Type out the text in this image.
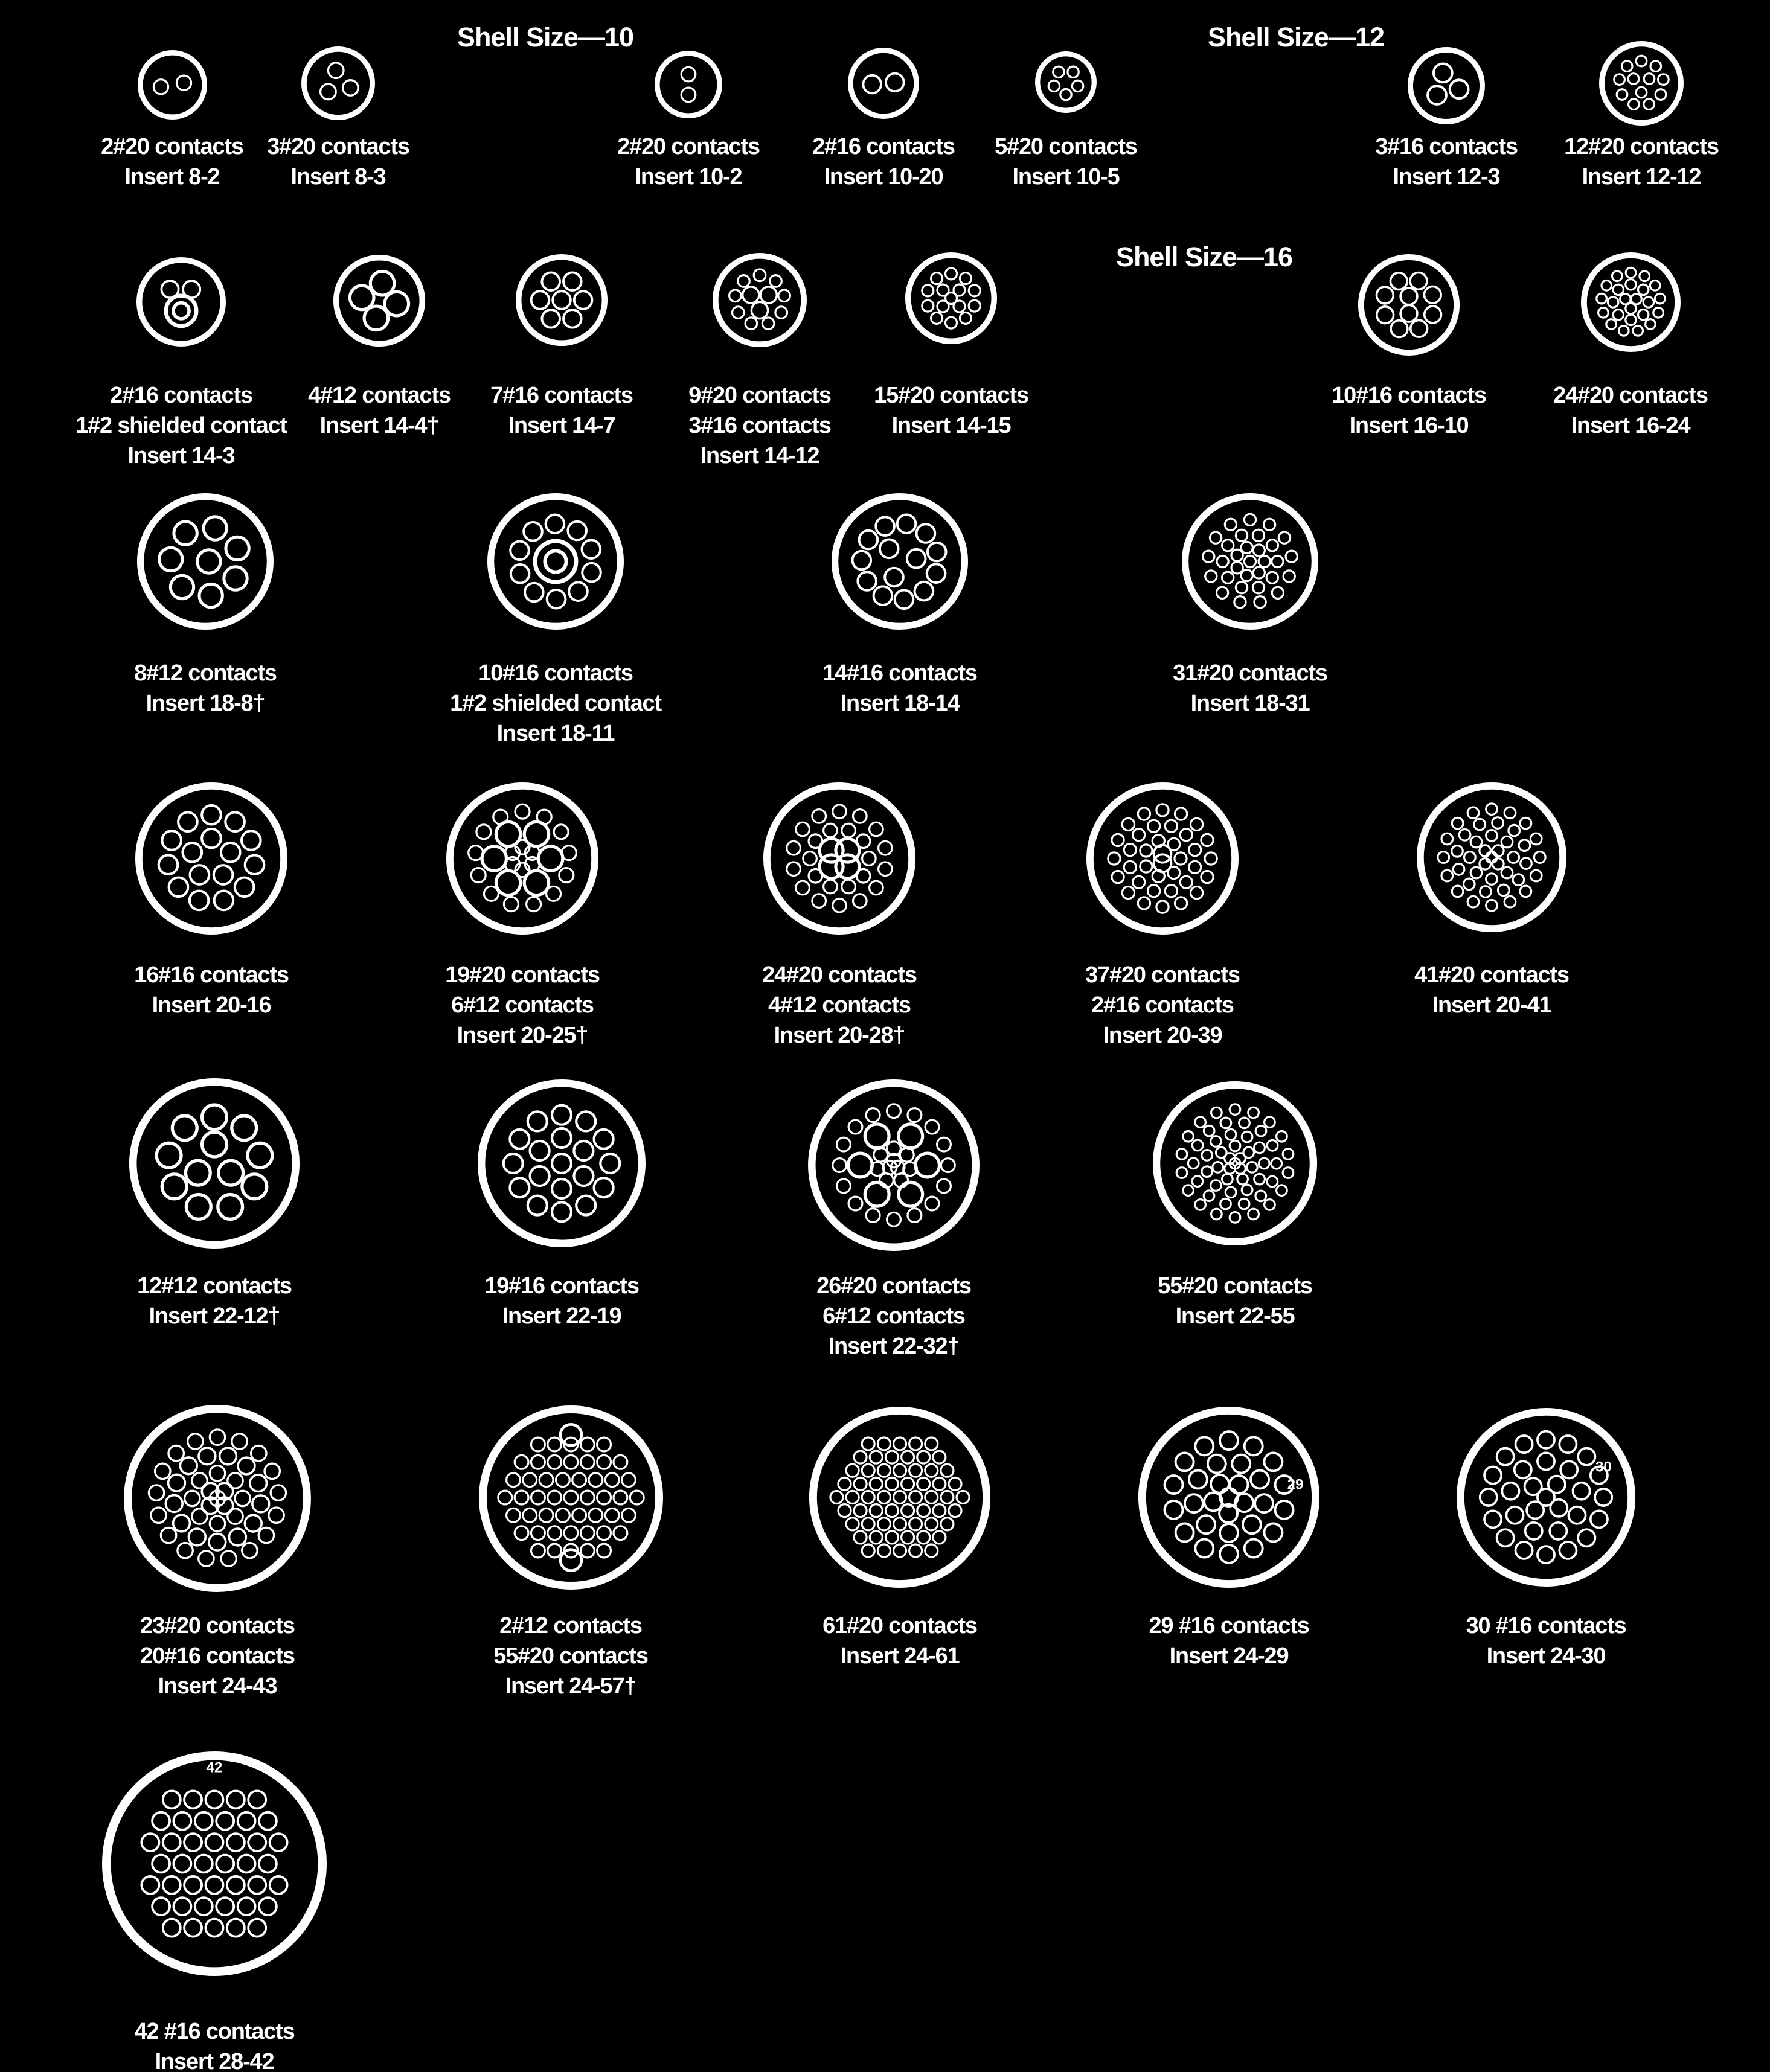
Shell Size—10	Shell Size—12
Shell Size—16
2#20 contacts
Insert 8-2
3#20 contacts
Insert 8-3
2#20 contacts
Insert 10-2
2#16 contacts
Insert 10-20
5#20 contacts
Insert 10-5
3#16 contacts
Insert 12-3
12#20 contacts
Insert 12-12
2#16 contacts
1#2 shielded contact
Insert 14-3
4#12 contacts
Insert 14-4†
7#16 contacts
Insert 14-7
9#20 contacts
3#16 contacts
Insert 14-12
15#20 contacts
Insert 14-15
10#16 contacts
Insert 16-10
24#20 contacts
Insert 16-24
8#12 contacts
Insert 18-8†
10#16 contacts
1#2 shielded contact
Insert 18-11
14#16 contacts
Insert 18-14
31#20 contacts
Insert 18-31
16#16 contacts
Insert 20-16
19#20 contacts
6#12 contacts
Insert 20-25†
24#20 contacts
4#12 contacts
Insert 20-28†
37#20 contacts
2#16 contacts
Insert 20-39
41#20 contacts
Insert 20-41
12#12 contacts
Insert 22-12†
19#16 contacts
Insert 22-19
26#20 contacts
6#12 contacts
Insert 22-32†
55#20 contacts
Insert 22-55
23#20 contacts
20#16 contacts
Insert 24-43
2#12 contacts
55#20 contacts
Insert 24-57†
61#20 contacts
Insert 24-61
29
29 #16 contacts
Insert 24-29
30
30 #16 contacts
Insert 24-30
42
42 #16 contacts
Insert 28-42
